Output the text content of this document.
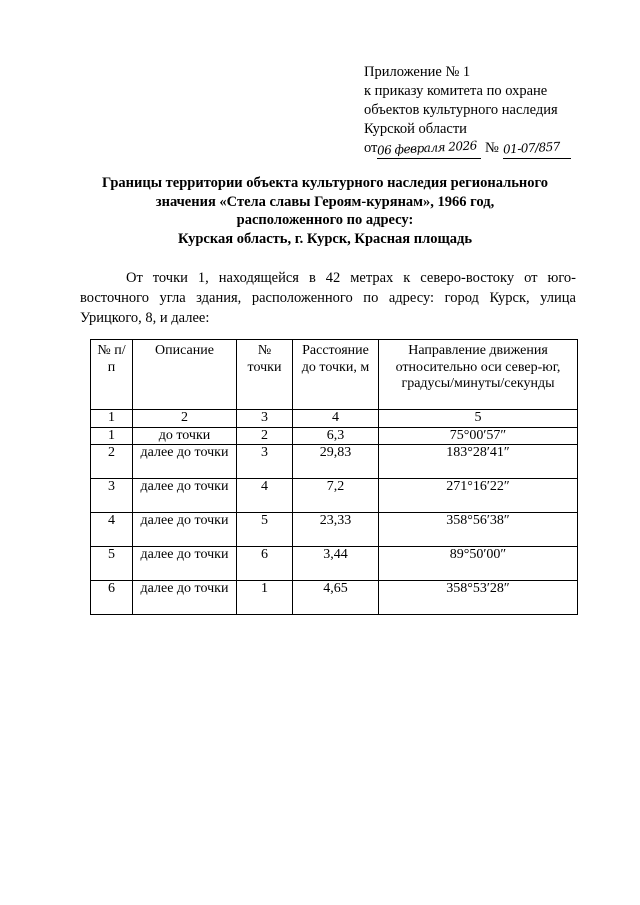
Приложение № 1
к приказу комитета по охране
объектов культурного наследия
Курской области
от06 февраля 2026 № 01-07/857
Границы территории объекта культурного наследия регионального
значения «Стела славы Героям-курянам», 1966 год,
расположенного по адресу:
Курская область, г. Курск, Красная площадь

От точки 1, находящейся в 42 метрах к северо-востоку от юго-восточного угла здания, расположенного по адресу: город Курск, улица Урицкого, 8, и далее:

№ п/п	Описание	№ точки	Расстояние до точки, м	Направление движения относительно оси север-юг, градусы/минуты/секунды
1	2	3	4	5
1	до точки	2	6,3	75°00′57″
2	далее до точки	3	29,83	183°28′41″
3	далее до точки	4	7,2	271°16′22″
4	далее до точки	5	23,33	358°56′38″
5	далее до точки	6	3,44	89°50′00″
6	далее до точки	1	4,65	358°53′28″
